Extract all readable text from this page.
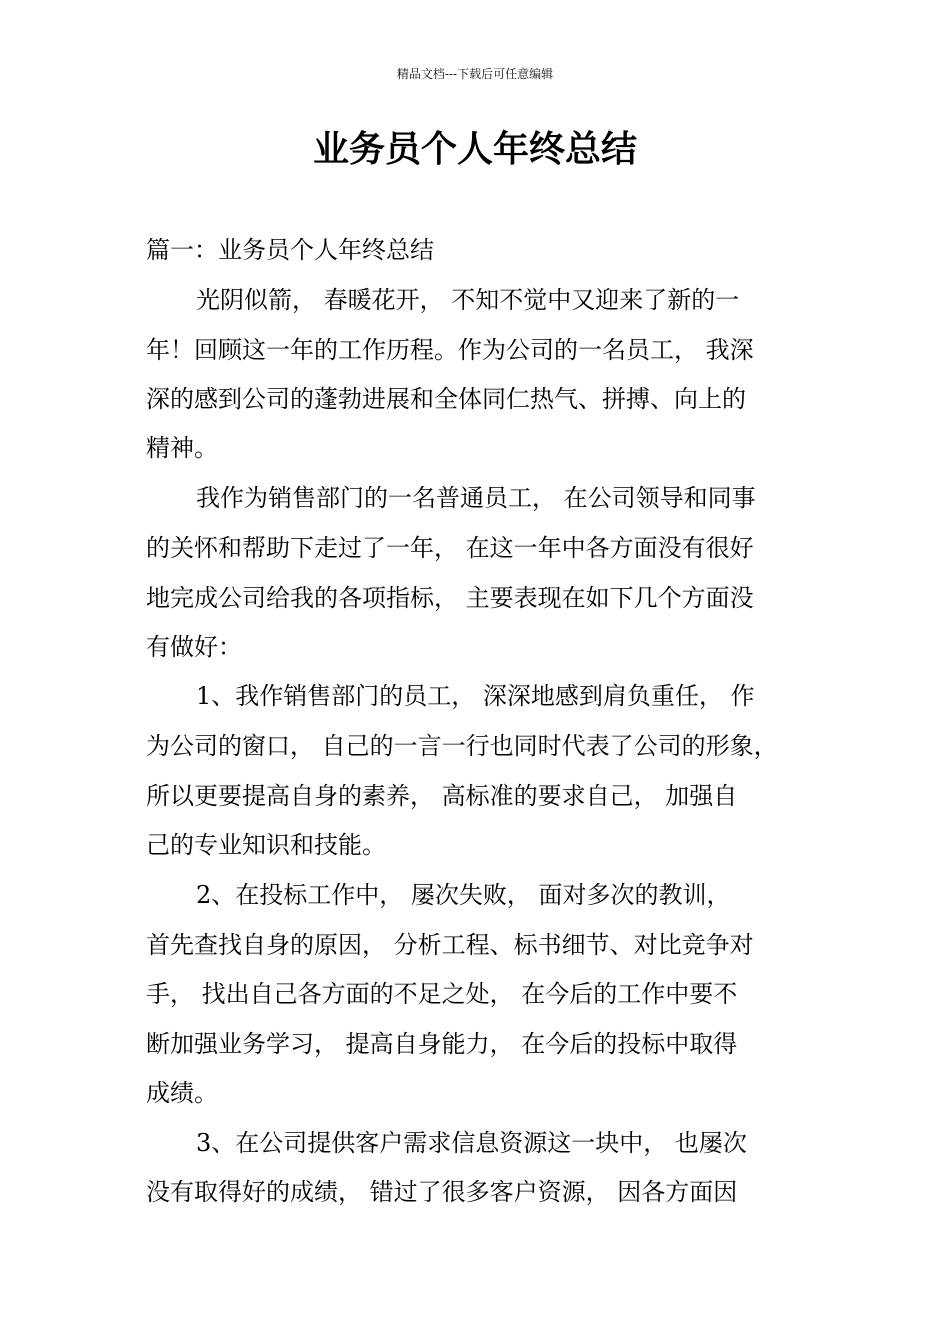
精品文档---下载后可任意编辑
业务员个人年终总结
篇一：业务员个人年终总结
光阴似箭， 春暖花开， 不知不觉中又迎来了新的一
年！回顾这一年的工作历程。作为公司的一名员工， 我深
深的感到公司的蓬勃进展和全体同仁热气、拼搏、向上的
精神。
我作为销售部门的一名普通员工， 在公司领导和同事
的关怀和帮助下走过了一年， 在这一年中各方面没有很好
地完成公司给我的各项指标， 主要表现在如下几个方面没
有做好：
1、我作销售部门的员工， 深深地感到肩负重任， 作
为公司的窗口， 自己的一言一行也同时代表了公司的形象，
所以更要提高自身的素养， 高标准的要求自己， 加强自
己的专业知识和技能。
2、在投标工作中， 屡次失败， 面对多次的教训，
首先查找自身的原因， 分析工程、标书细节、对比竞争对
手， 找出自己各方面的不足之处， 在今后的工作中要不
断加强业务学习， 提高自身能力， 在今后的投标中取得
成绩。
3、在公司提供客户需求信息资源这一块中， 也屡次
没有取得好的成绩， 错过了很多客户资源， 因各方面因
